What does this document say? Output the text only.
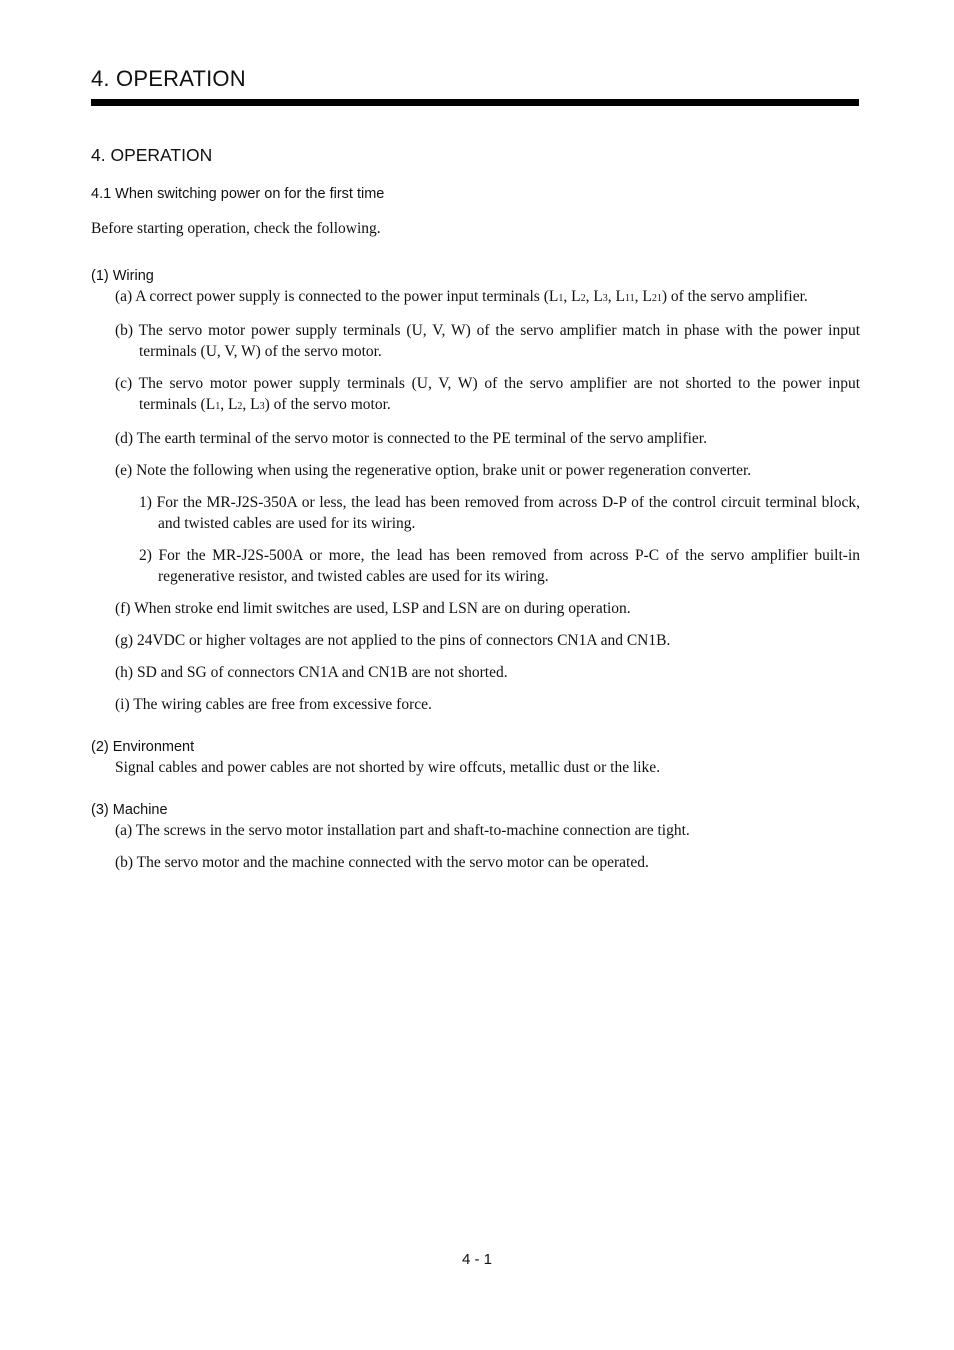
4. OPERATION
4. OPERATION
4.1 When switching power on for the first time
Before starting operation, check the following.
(1) Wiring
(a) A correct power supply is connected to the power input terminals (L1, L2, L3, L11, L21) of the servo amplifier.
(b) The servo motor power supply terminals (U, V, W) of the servo amplifier match in phase with the power input terminals (U, V, W) of the servo motor.
(c) The servo motor power supply terminals (U, V, W) of the servo amplifier are not shorted to the power input terminals (L1, L2, L3) of the servo motor.
(d) The earth terminal of the servo motor is connected to the PE terminal of the servo amplifier.
(e) Note the following when using the regenerative option, brake unit or power regeneration converter.
1) For the MR-J2S-350A or less, the lead has been removed from across D-P of the control circuit terminal block, and twisted cables are used for its wiring.
2) For the MR-J2S-500A or more, the lead has been removed from across P-C of the servo amplifier built-in regenerative resistor, and twisted cables are used for its wiring.
(f) When stroke end limit switches are used, LSP and LSN are on during operation.
(g) 24VDC or higher voltages are not applied to the pins of connectors CN1A and CN1B.
(h) SD and SG of connectors CN1A and CN1B are not shorted.
(i) The wiring cables are free from excessive force.
(2) Environment
Signal cables and power cables are not shorted by wire offcuts, metallic dust or the like.
(3) Machine
(a) The screws in the servo motor installation part and shaft-to-machine connection are tight.
(b) The servo motor and the machine connected with the servo motor can be operated.
4 - 1
